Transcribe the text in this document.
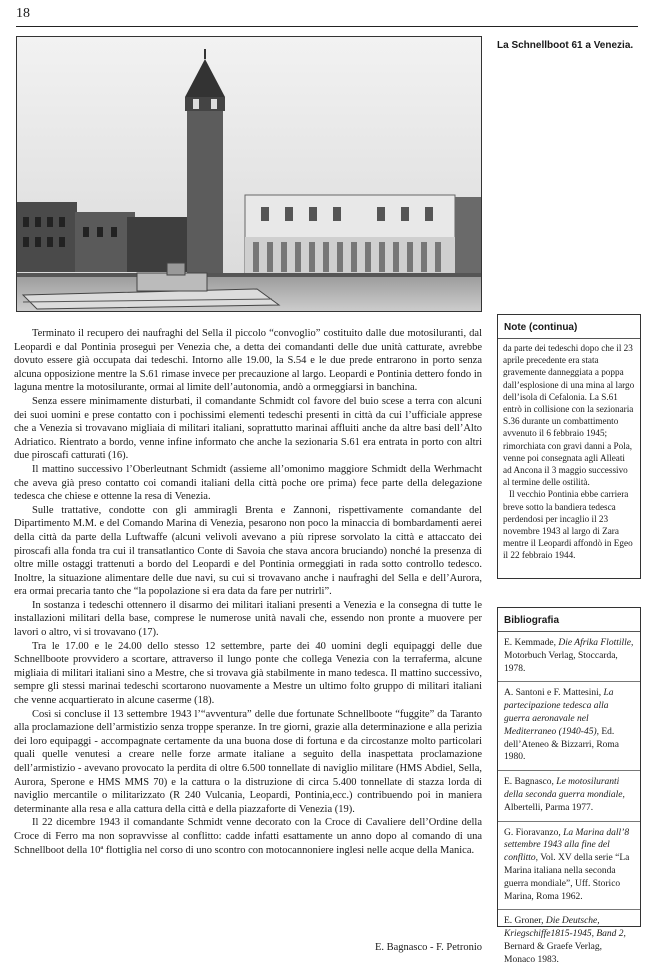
18
La Schnellboot 61 a Venezia.

Terminato il recupero dei naufraghi del Sella il piccolo “convoglio” costituito dalle due motosiluranti, dal Leopardi e dal Pontinia proseguì per Venezia che, a detta dei comandanti delle due unità catturate, avrebbe dovuto essere già occupata dai tedeschi. Intorno alle 19.00, la S.54 e le due prede entrarono in porto senza alcuna opposizione mentre la S.61 rimase invece per precauzione al largo. Leopardi e Pontinia dettero fondo in laguna mentre la motosilurante, ormai al limite dell’autonomia, andò a ormeggiarsi in banchina.

Senza essere minimamente disturbati, il comandante Schmidt col favore del buio scese a terra con alcuni dei suoi uomini e prese contatto con i pochissimi elementi tedeschi presenti in città da cui l’ufficiale apprese che a Venezia si trovavano migliaia di militari italiani, soprattutto marinai affluiti anche da altre basi dell’Alto Adriatico. Rientrato a bordo, venne infine informato che anche la sezionaria S.61 era entrata in porto con altri due piroscafi catturati (16).

Il mattino successivo l’Oberleutnant Schmidt (assieme all’omonimo maggiore Schmidt della Werhmacht che aveva già preso contatto coi comandi italiani della città poche ore prima) fece parte della delegazione tedesca che chiese e ottenne la resa di Venezia.

Sulle trattative, condotte con gli ammiragli Brenta e Zannoni, rispettivamente comandante del Dipartimento M.M. e del Comando Marina di Venezia, pesarono non poco la minaccia di bombardamenti aerei della città da parte della Luftwaffe (alcuni velivoli avevano a più riprese sorvolato la città e attaccato dei piroscafi alla fonda tra cui il transatlantico Conte di Savoia che stava ancora bruciando) nonché la presenza di oltre mille ostaggi trattenuti a bordo del Leopardi e del Pontinia ormeggiati in rada sotto controllo tedesco. Inoltre, la situazione alimentare delle due navi, su cui si trovavano anche i naufraghi del Sella e dell’Aurora, era ormai precaria tanto che “la popolazione si era data da fare per nutrirli”.

In sostanza i tedeschi ottennero il disarmo dei militari italiani presenti a Venezia e la consegna di tutte le installazioni militari della base, comprese le numerose unità navali che, essendo non pronte a muovere per lavori o altro, vi si trovavano (17).

Tra le 17.00 e le 24.00 dello stesso 12 settembre, parte dei 40 uomini degli equipaggi delle due Schnellboote provvidero a scortare, attraverso il lungo ponte che collega Venezia con la terraferma, alcune migliaia di militari italiani sino a Mestre, che si trovava già stabilmente in mano tedesca. Il mattino successivo, sempre gli stessi marinai tedeschi scortarono nuovamente a Mestre un ultimo folto gruppo di militari italiani che venne acquartierato in alcune caserme (18).

Così si concluse il 13 settembre 1943 l’“avventura” delle due fortunate Schnellboote “fuggite” da Taranto alla proclamazione dell’armistizio senza troppe speranze. In tre giorni, grazie alla determinazione e alla perizia dei loro equipaggi - accompagnate certamente da una buona dose di fortuna e da circostanze molto particolari quali quelle venutesi a creare nelle forze armate italiane a seguito della inaspettata proclamazione dell’armistizio - avevano provocato la perdita di oltre 6.500 tonnellate di naviglio militare (HMS Abdiel, Sella, Aurora, Sperone e HMS MMS 70) e la cattura o la distruzione di circa 5.400 tonnellate di stazza lorda di naviglio mercantile o militarizzato (R 240 Vulcania, Leopardi, Pontinia,ecc.) contribuendo poi in maniera determinante alla resa e alla cattura della città e della piazzaforte di Venezia (19).

Il 22 dicembre 1943 il comandante Schmidt venne decorato con la Croce di Cavaliere dell’Ordine della Croce di Ferro ma non sopravvisse al conflitto: cadde infatti esattamente un anno dopo al comando di una Schnellboot della 10ª flottiglia nel corso di uno scontro con motocannoniere inglesi nelle acque della Manica.

E. Bagnasco - F. Petronio
Note (continua)

da parte dei tedeschi dopo che il 23 aprile precedente era stata gravemente danneggiata a poppa dall’esplosione di una mina al largo dell’isola di Cefalonia. La S.61 entrò in collisione con la sezionaria S.36 durante un combattimento avvenuto il 6 febbraio 1945; rimorchiata con gravi danni a Pola, venne poi consegnata agli Alleati ad Ancona il 3 maggio successivo al termine delle ostilità.

Il vecchio Pontinia ebbe carriera breve sotto la bandiera tedesca perdendosi per incaglio il 23 novembre 1943 al largo di Zara mentre il Leopardi affondò in Egeo il 22 febbraio 1944.

Bibliografia
E. Kemmade, Die Afrika Flottille, Motorbuch Verlag, Stoccarda, 1978.
A. Santoni e F. Mattesini, La partecipazione tedesca alla guerra aeronavale nel Mediterraneo (1940-45), Ed. dell’Ateneo & Bizzarri, Roma 1980.
E. Bagnasco, Le motosiluranti della seconda guerra mondiale, Albertelli, Parma 1977.
G. Fioravanzo, La Marina dall’8 settembre 1943 alla fine del conflitto, Vol. XV della serie “La Marina italiana nella seconda guerra mondiale”, Uff. Storico Marina, Roma 1962.
E. Groner, Die Deutsche, Kriegschiffe1815-1945, Band 2, Bernard & Graefe Verlag, Monaco 1983.
